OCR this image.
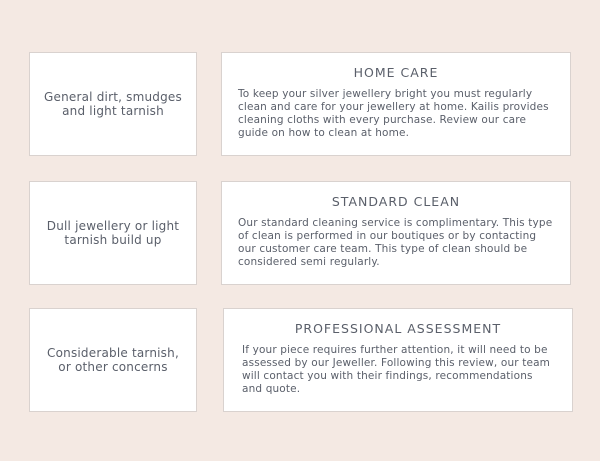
General dirt, smudges and light tarnish
HOME CARE
To keep your silver jewellery bright you must regularly clean and care for your jewellery at home. Kailis provides cleaning cloths with every purchase. Review our care guide on how to clean at home.
Dull jewellery or light tarnish build up
STANDARD CLEAN
Our standard cleaning service is complimentary. This type of clean is performed in our boutiques or by contacting our customer care team. This type of clean should be considered semi regularly.
Considerable tarnish, or other concerns
PROFESSIONAL ASSESSMENT
If your piece requires further attention, it will need to be assessed by our Jeweller. Following this review, our team will contact you with their findings, recommendations and quote.
